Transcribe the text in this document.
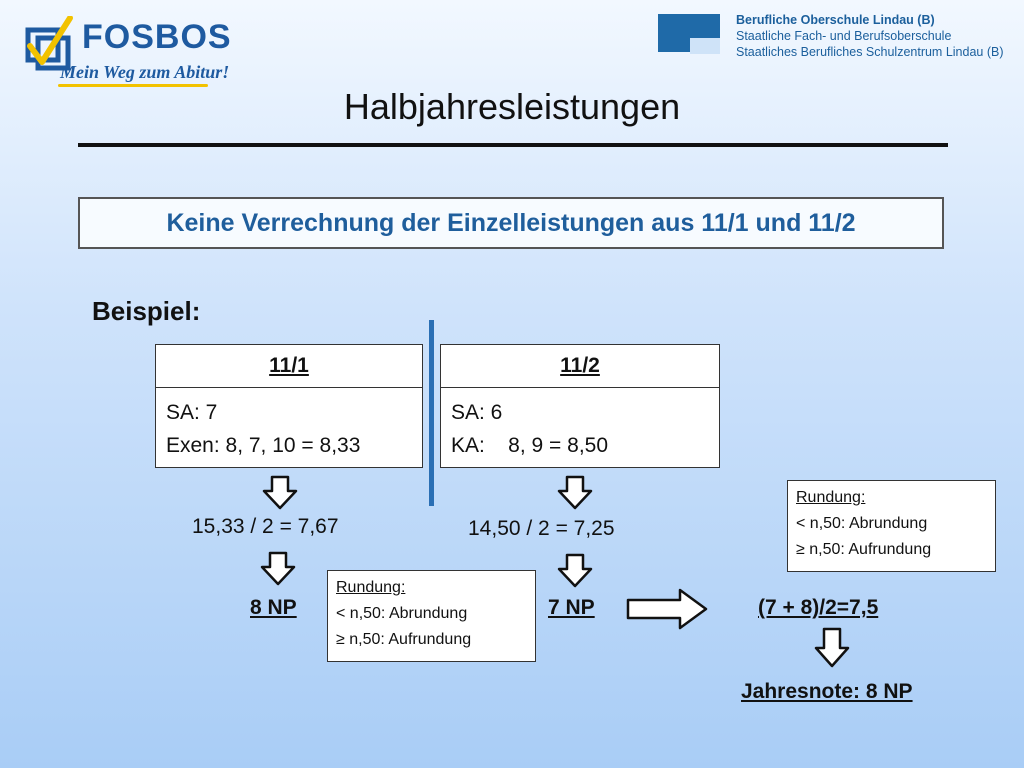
FOSBOS
Mein Weg zum Abitur!
Berufliche Oberschule Lindau (B)
Staatliche Fach- und Berufsoberschule
Staatliches Berufliches Schulzentrum Lindau (B)
Halbjahresleistungen
Keine Verrechnung der Einzelleistungen aus 11/1 und 11/2
Beispiel:
11/1
SA: 7
Exen: 8, 7, 10 = 8,33
11/2
SA: 6
KA:    8, 9 = 8,50
15,33 / 2 = 7,67	14,50 / 2 = 7,25
8 NP	7 NP
Rundung:
< n,50: Abrundung
≥ n,50: Aufrundung
Rundung:
< n,50: Abrundung
≥ n,50: Aufrundung
(7 + 8)/2=7,5
Jahresnote: 8 NP
